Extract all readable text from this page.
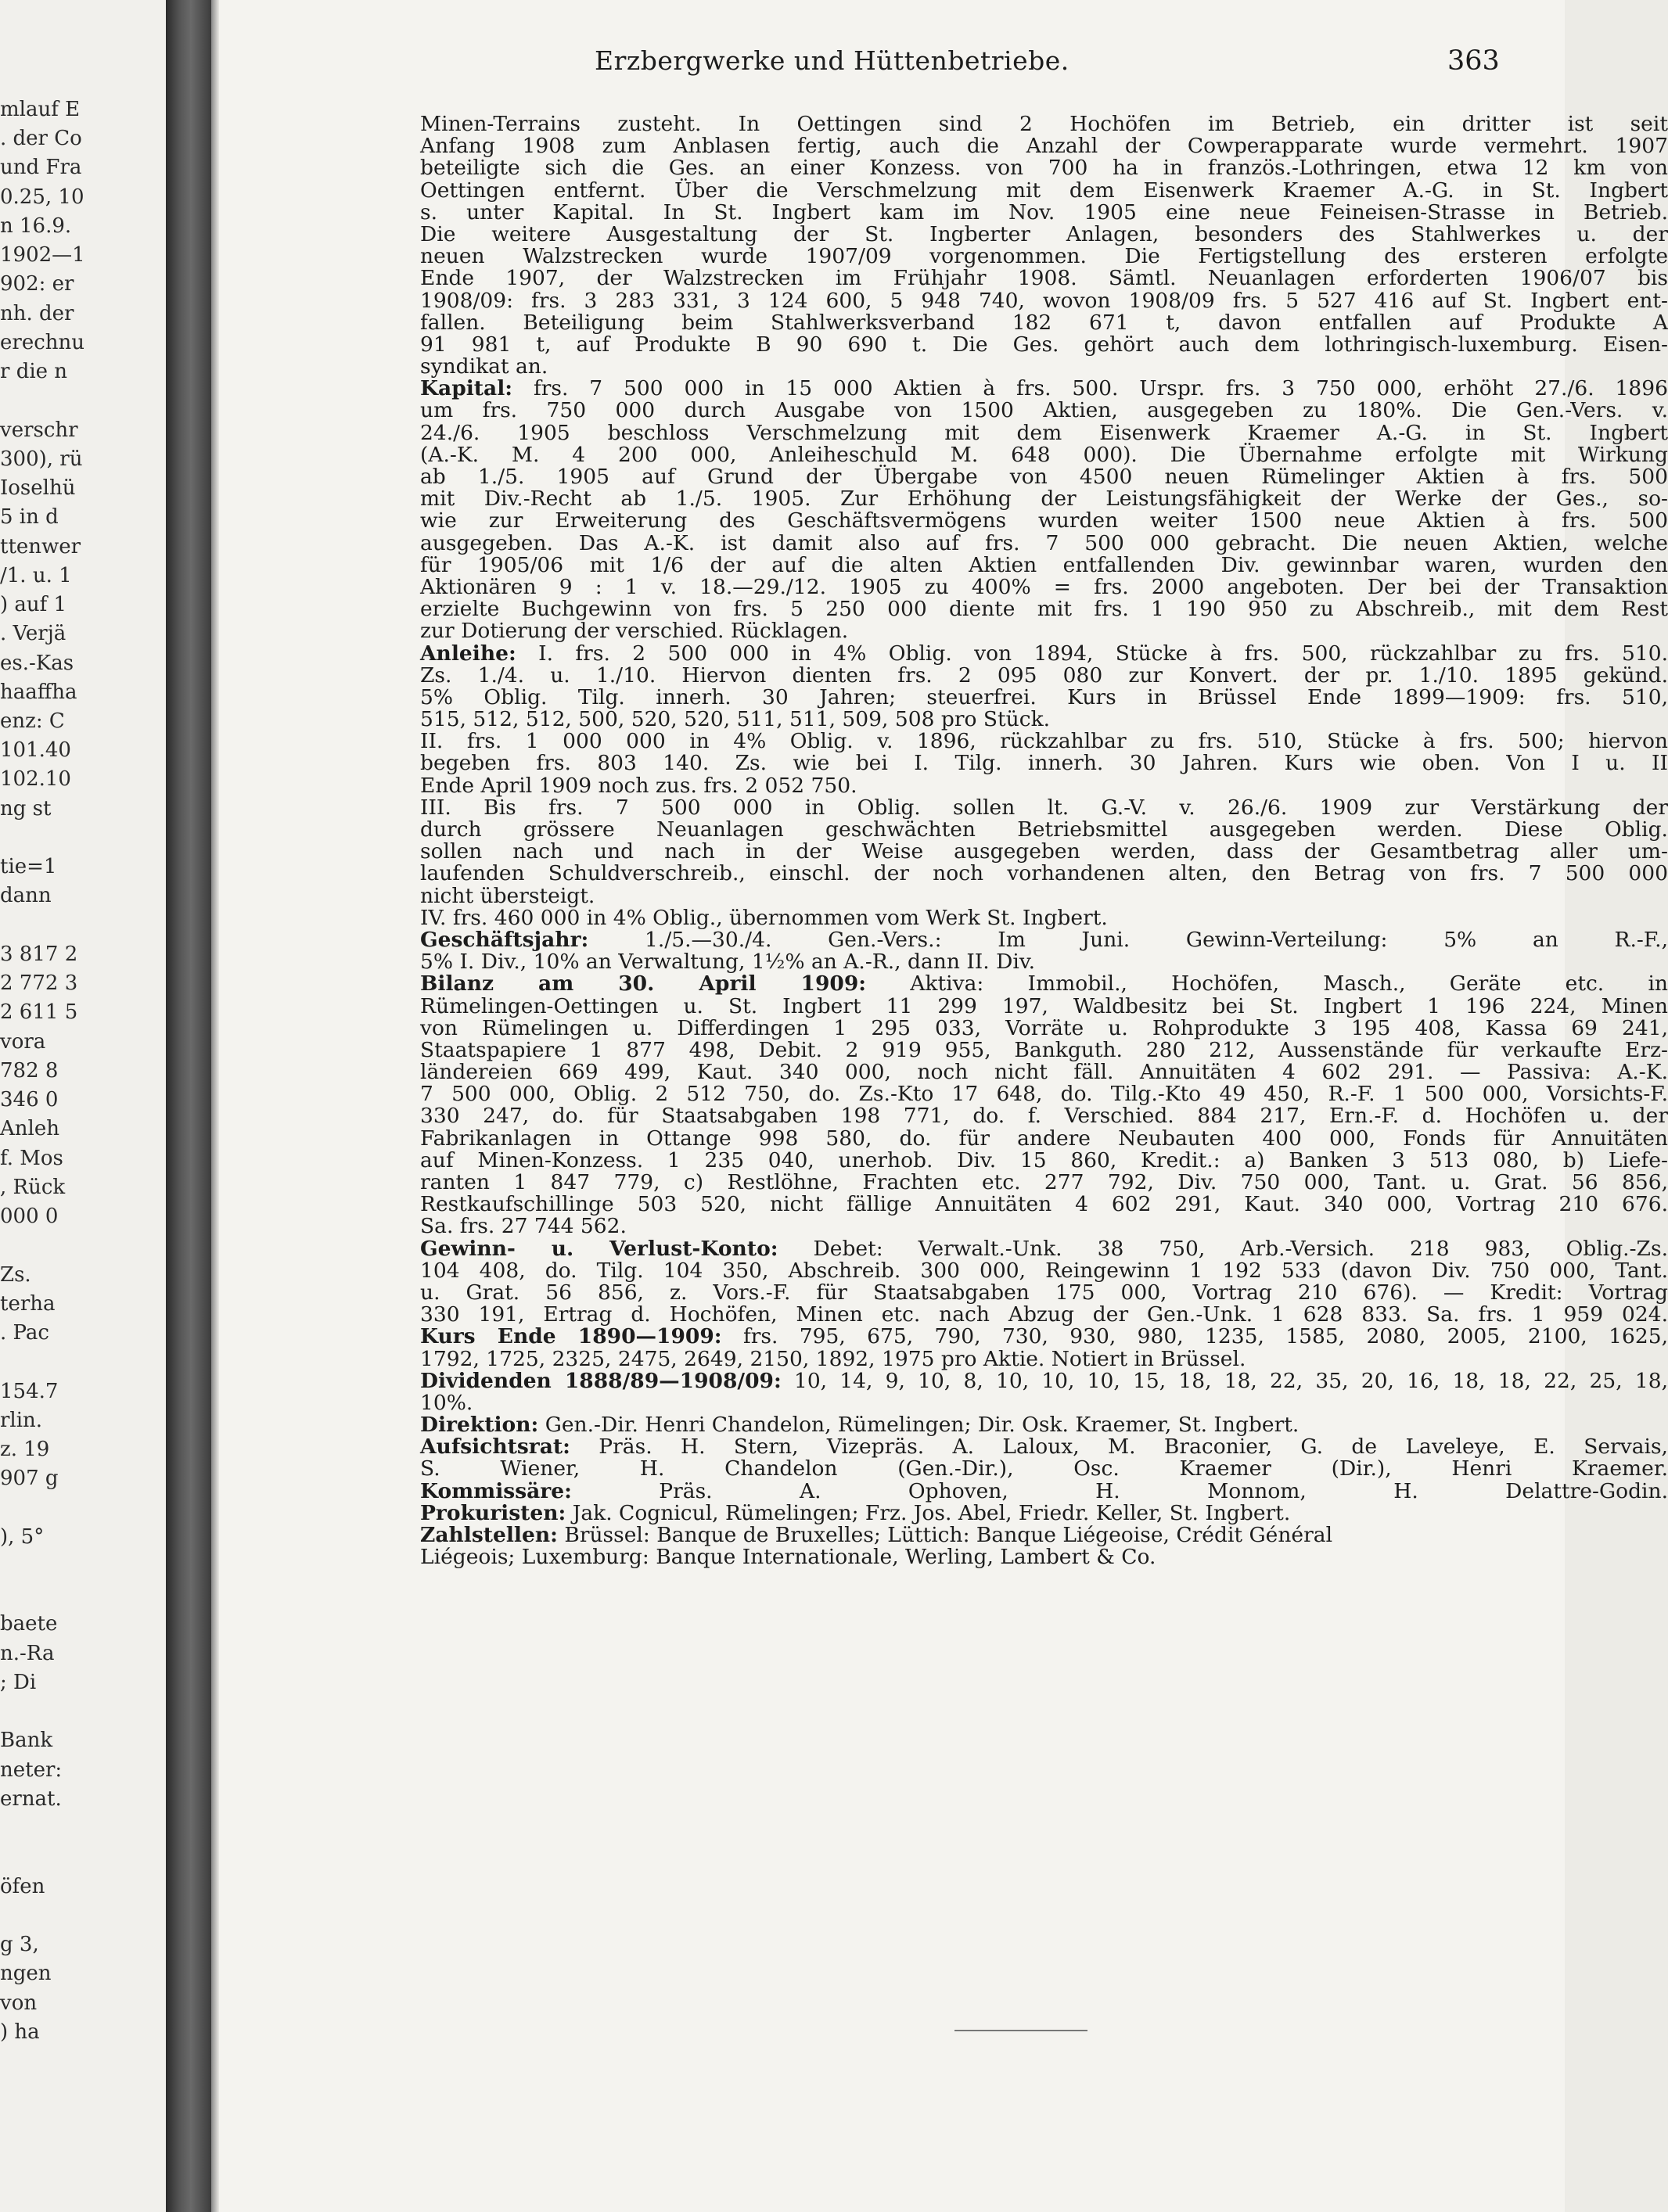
mlauf E
. der Co
und Fra
0.25, 10
n 16.9.
1902—1
902: er
nh. der
erechnu
r die n
verschr
300), rü
Ioselhü
5 in d
ttenwer
/1. u. 1
) auf 1
. Verjä
es.-Kas
haaffha
enz: C
101.40
102.10
ng st
tie=1
dann
3 817 2
2 772 3
2 611 5
vora
782 8
346 0
Anleh
f. Mos
, Rück
000 0
Zs.
terha
. Pac
154.7
rlin.
z. 19
907 g
), 5°
baete
n.-Ra
; Di
Bank
neter:
ernat.
öfen
g 3,
ngen
von
) ha
Erzbergwerke und Hüttenbetriebe.	363
Minen-Terrains zusteht. In Oettingen sind 2 Hochöfen im Betrieb, ein dritter ist seit
Anfang 1908 zum Anblasen fertig, auch die Anzahl der Cowperapparate wurde vermehrt. 1907
beteiligte sich die Ges. an einer Konzess. von 700 ha in französ.-Lothringen, etwa 12 km von
Oettingen entfernt. Über die Verschmelzung mit dem Eisenwerk Kraemer A.-G. in St. Ingbert
s. unter Kapital. In St. Ingbert kam im Nov. 1905 eine neue Feineisen-Strasse in Betrieb.
Die weitere Ausgestaltung der St. Ingberter Anlagen, besonders des Stahlwerkes u. der
neuen Walzstrecken wurde 1907/09 vorgenommen. Die Fertigstellung des ersteren erfolgte
Ende 1907, der Walzstrecken im Frühjahr 1908. Sämtl. Neuanlagen erforderten 1906/07 bis
1908/09: frs. 3 283 331, 3 124 600, 5 948 740, wovon 1908/09 frs. 5 527 416 auf St. Ingbert ent-
fallen. Beteiligung beim Stahlwerksverband 182 671 t, davon entfallen auf Produkte A
91 981 t, auf Produkte B 90 690 t. Die Ges. gehört auch dem lothringisch-luxemburg. Eisen-
syndikat an.
Kapital: frs. 7 500 000 in 15 000 Aktien à frs. 500. Urspr. frs. 3 750 000, erhöht 27./6. 1896
um frs. 750 000 durch Ausgabe von 1500 Aktien, ausgegeben zu 180%. Die Gen.-Vers. v.
24./6. 1905 beschloss Verschmelzung mit dem Eisenwerk Kraemer A.-G. in St. Ingbert
(A.-K. M. 4 200 000, Anleiheschuld M. 648 000). Die Übernahme erfolgte mit Wirkung
ab 1./5. 1905 auf Grund der Übergabe von 4500 neuen Rümelinger Aktien à frs. 500
mit Div.-Recht ab 1./5. 1905. Zur Erhöhung der Leistungsfähigkeit der Werke der Ges., so-
wie zur Erweiterung des Geschäftsvermögens wurden weiter 1500 neue Aktien à frs. 500
ausgegeben. Das A.-K. ist damit also auf frs. 7 500 000 gebracht. Die neuen Aktien, welche
für 1905/06 mit 1/6 der auf die alten Aktien entfallenden Div. gewinnbar waren, wurden den
Aktionären 9 : 1 v. 18.—29./12. 1905 zu 400% = frs. 2000 angeboten. Der bei der Transaktion
erzielte Buchgewinn von frs. 5 250 000 diente mit frs. 1 190 950 zu Abschreib., mit dem Rest
zur Dotierung der verschied. Rücklagen.
Anleihe: I. frs. 2 500 000 in 4% Oblig. von 1894, Stücke à frs. 500, rückzahlbar zu frs. 510.
Zs. 1./4. u. 1./10. Hiervon dienten frs. 2 095 080 zur Konvert. der pr. 1./10. 1895 gekünd.
5% Oblig. Tilg. innerh. 30 Jahren; steuerfrei. Kurs in Brüssel Ende 1899—1909: frs. 510,
515, 512, 512, 500, 520, 520, 511, 511, 509, 508 pro Stück.
II. frs. 1 000 000 in 4% Oblig. v. 1896, rückzahlbar zu frs. 510, Stücke à frs. 500; hiervon
begeben frs. 803 140. Zs. wie bei I. Tilg. innerh. 30 Jahren. Kurs wie oben. Von I u. II
Ende April 1909 noch zus. frs. 2 052 750.
III. Bis frs. 7 500 000 in Oblig. sollen lt. G.-V. v. 26./6. 1909 zur Verstärkung der
durch grössere Neuanlagen geschwächten Betriebsmittel ausgegeben werden. Diese Oblig.
sollen nach und nach in der Weise ausgegeben werden, dass der Gesamtbetrag aller um-
laufenden Schuldverschreib., einschl. der noch vorhandenen alten, den Betrag von frs. 7 500 000
nicht übersteigt.
IV. frs. 460 000 in 4% Oblig., übernommen vom Werk St. Ingbert.
Geschäftsjahr: 1./5.—30./4. Gen.-Vers.: Im Juni. Gewinn-Verteilung: 5% an R.-F.,
5% I. Div., 10% an Verwaltung, 1½% an A.-R., dann II. Div.
Bilanz am 30. April 1909: Aktiva: Immobil., Hochöfen, Masch., Geräte etc. in
Rümelingen-Oettingen u. St. Ingbert 11 299 197, Waldbesitz bei St. Ingbert 1 196 224, Minen
von Rümelingen u. Differdingen 1 295 033, Vorräte u. Rohprodukte 3 195 408, Kassa 69 241,
Staatspapiere 1 877 498, Debit. 2 919 955, Bankguth. 280 212, Aussenstände für verkaufte Erz-
ländereien 669 499, Kaut. 340 000, noch nicht fäll. Annuitäten 4 602 291. — Passiva: A.-K.
7 500 000, Oblig. 2 512 750, do. Zs.-Kto 17 648, do. Tilg.-Kto 49 450, R.-F. 1 500 000, Vorsichts-F.
330 247, do. für Staatsabgaben 198 771, do. f. Verschied. 884 217, Ern.-F. d. Hochöfen u. der
Fabrikanlagen in Ottange 998 580, do. für andere Neubauten 400 000, Fonds für Annuitäten
auf Minen-Konzess. 1 235 040, unerhob. Div. 15 860, Kredit.: a) Banken 3 513 080, b) Liefe-
ranten 1 847 779, c) Restlöhne, Frachten etc. 277 792, Div. 750 000, Tant. u. Grat. 56 856,
Restkaufschillinge 503 520, nicht fällige Annuitäten 4 602 291, Kaut. 340 000, Vortrag 210 676.
Sa. frs. 27 744 562.
Gewinn- u. Verlust-Konto: Debet: Verwalt.-Unk. 38 750, Arb.-Versich. 218 983, Oblig.-Zs.
104 408, do. Tilg. 104 350, Abschreib. 300 000, Reingewinn 1 192 533 (davon Div. 750 000, Tant.
u. Grat. 56 856, z. Vors.-F. für Staatsabgaben 175 000, Vortrag 210 676). — Kredit: Vortrag
330 191, Ertrag d. Hochöfen, Minen etc. nach Abzug der Gen.-Unk. 1 628 833. Sa. frs. 1 959 024.
Kurs Ende 1890—1909: frs. 795, 675, 790, 730, 930, 980, 1235, 1585, 2080, 2005, 2100, 1625,
1792, 1725, 2325, 2475, 2649, 2150, 1892, 1975 pro Aktie. Notiert in Brüssel.
Dividenden 1888/89—1908/09: 10, 14, 9, 10, 8, 10, 10, 10, 15, 18, 18, 22, 35, 20, 16, 18, 18, 22, 25, 18,
10%.
Direktion: Gen.-Dir. Henri Chandelon, Rümelingen; Dir. Osk. Kraemer, St. Ingbert.
Aufsichtsrat: Präs. H. Stern, Vizepräs. A. Laloux, M. Braconier, G. de Laveleye, E. Servais,
S. Wiener, H. Chandelon (Gen.-Dir.), Osc. Kraemer (Dir.), Henri Kraemer.
Kommissäre: Präs. A. Ophoven, H. Monnom, H. Delattre-Godin.
Prokuristen: Jak. Cognicul, Rümelingen; Frz. Jos. Abel, Friedr. Keller, St. Ingbert.
Zahlstellen: Brüssel: Banque de Bruxelles; Lüttich: Banque Liégeoise, Crédit Général
Liégeois; Luxemburg: Banque Internationale, Werling, Lambert & Co.
